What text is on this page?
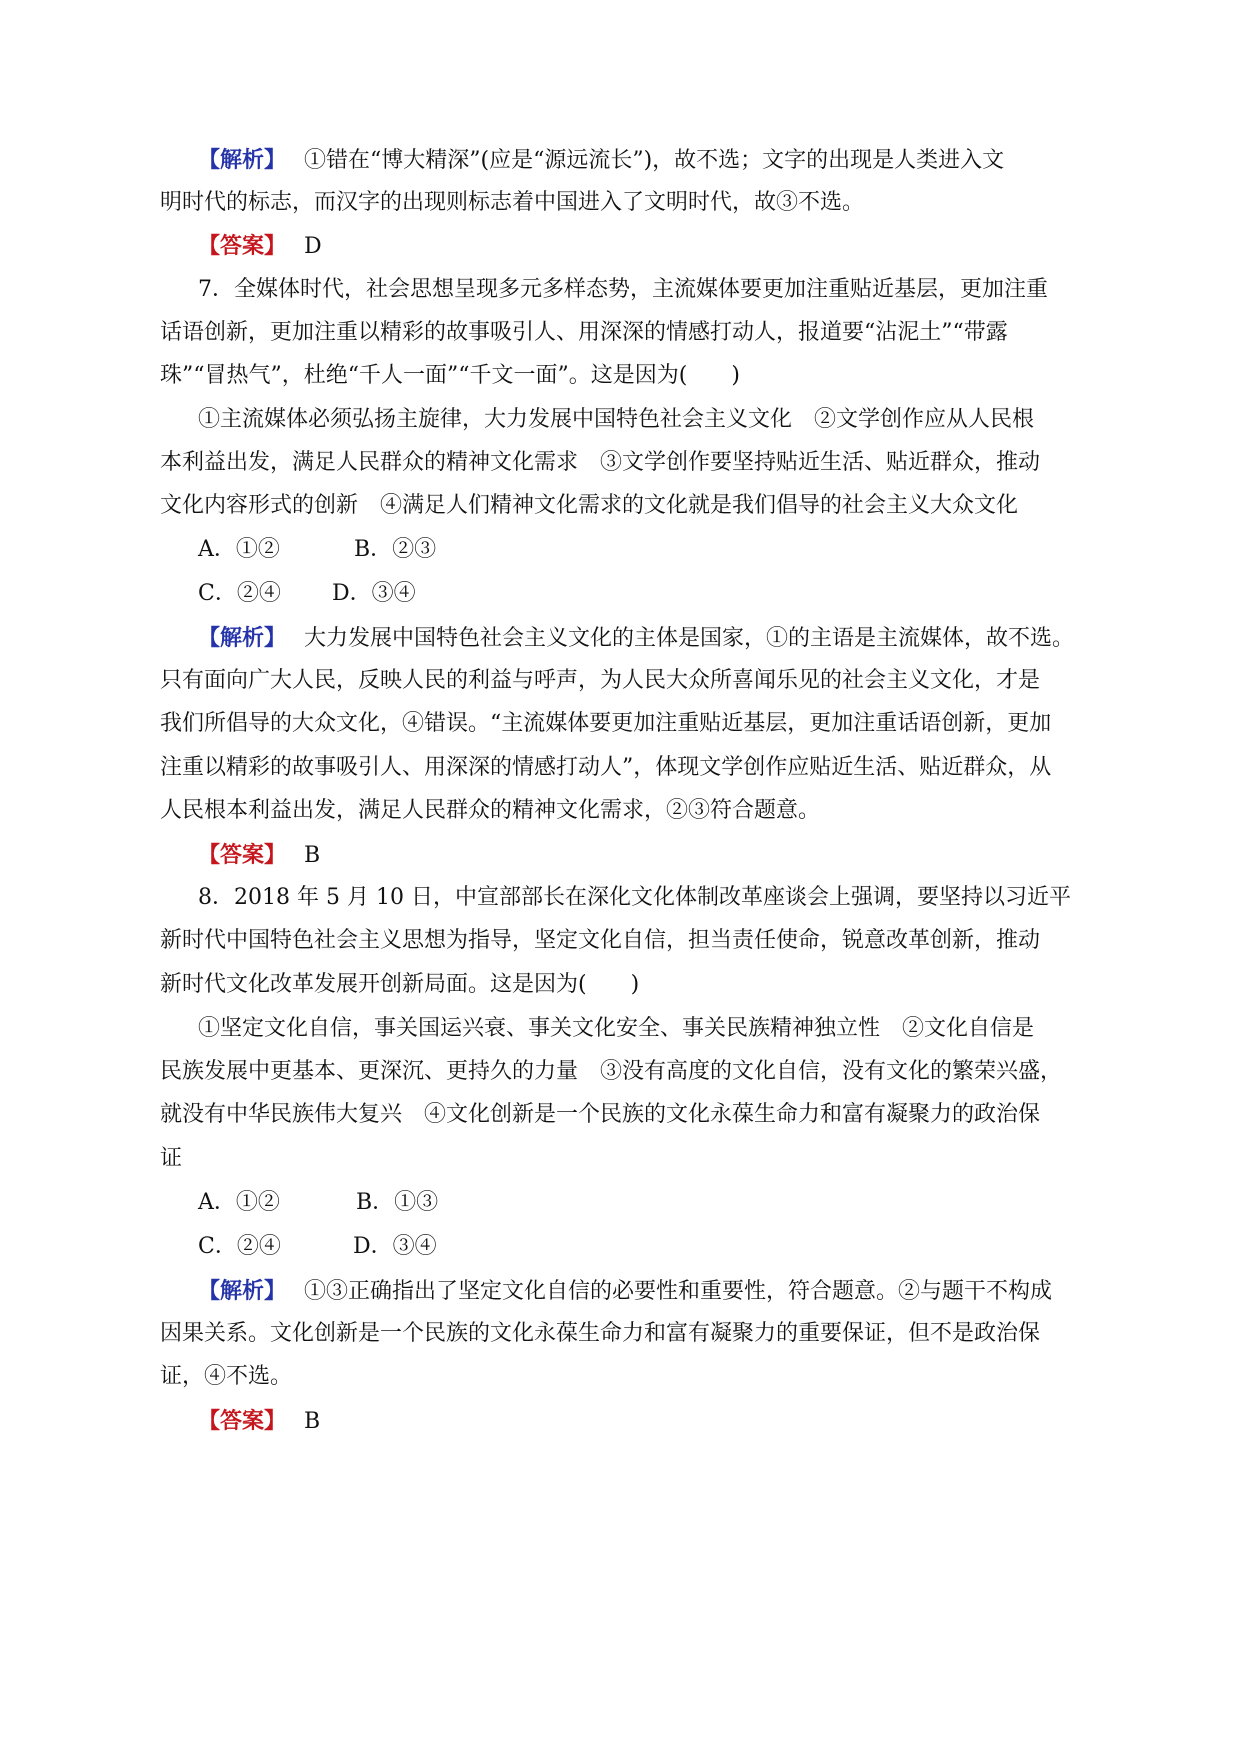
【解析】 ①错在“博大精深”(应是“源远流长”)，故不选；文字的出现是人类进入文
明时代的标志，而汉字的出现则标志着中国进入了文明时代，故③不选。
【答案】 D
7．全媒体时代，社会思想呈现多元多样态势，主流媒体要更加注重贴近基层，更加注重
话语创新，更加注重以精彩的故事吸引人、用深深的情感打动人，报道要“沾泥土”“带露
珠”“冒热气”，杜绝“千人一面”“千文一面”。这是因为(　　)
①主流媒体必须弘扬主旋律，大力发展中国特色社会主义文化　②文学创作应从人民根
本利益出发，满足人民群众的精神文化需求　③文学创作要坚持贴近生活、贴近群众，推动
文化内容形式的创新　④满足人们精神文化需求的文化就是我们倡导的社会主义大众文化
A．①②	B．②③
C．②④ D．③④
【解析】 大力发展中国特色社会主义文化的主体是国家，①的主语是主流媒体，故不选。
只有面向广大人民，反映人民的利益与呼声，为人民大众所喜闻乐见的社会主义文化，才是
我们所倡导的大众文化，④错误。“主流媒体要更加注重贴近基层，更加注重话语创新，更加
注重以精彩的故事吸引人、用深深的情感打动人”，体现文学创作应贴近生活、贴近群众，从
人民根本利益出发，满足人民群众的精神文化需求，②③符合题意。
【答案】 B
8．2018 年 5 月 10 日，中宣部部长在深化文化体制改革座谈会上强调，要坚持以习近平
新时代中国特色社会主义思想为指导，坚定文化自信，担当责任使命，锐意改革创新，推动
新时代文化改革发展开创新局面。这是因为(　　)
①坚定文化自信，事关国运兴衰、事关文化安全、事关民族精神独立性　②文化自信是
民族发展中更基本、更深沉、更持久的力量　③没有高度的文化自信，没有文化的繁荣兴盛，
就没有中华民族伟大复兴　④文化创新是一个民族的文化永葆生命力和富有凝聚力的政治保
证
A．①②	B．①③
C．②④	D．③④
【解析】 ①③正确指出了坚定文化自信的必要性和重要性，符合题意。②与题干不构成
因果关系。文化创新是一个民族的文化永葆生命力和富有凝聚力的重要保证，但不是政治保
证，④不选。
【答案】 B
